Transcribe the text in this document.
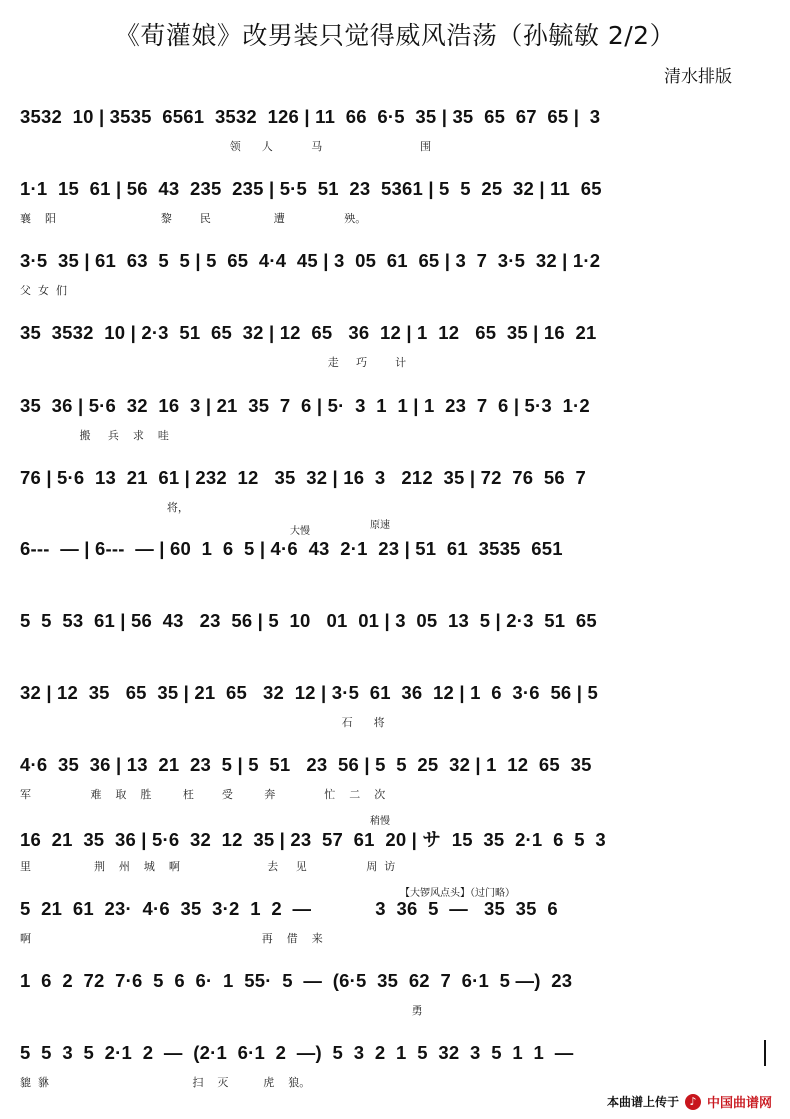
《荀灌娘》改男装只觉得威风浩荡（孙毓敏 2/2）
清水排版
3532  10 | 3535  6561  3532  126 | 11  66  6·5  35 | 35  65  67  65 |  3
领      人           马                            围
1·1  15  61 | 56  43  235  235 | 5·5  51  23  5361 | 5  5  25  32 | 11  65
襄    阳                              黎        民                  遭                 殃。
3·5  35 | 61  63  5  5 | 5  65  4·4  45 | 3  05  61  65 | 3  7  3·5  32 | 1·2
父  女  们
35  3532  10 | 2·3  51  65  32 | 12  65   36  12 | 1  12   65  35 | 16  21
走     巧        计
35  36 | 5·6  32  16  3 | 21  35  7  6 | 5·  3  1  1 | 1  23  7  6 | 5·3  1·2
搬     兵    求    哇
76 | 5·6  13  21  61 | 232  12   35  32 | 16  3   212  35 | 72  76  56  7
将，
大慢
原速
6---  — | 6---  — | 60  1  6  5 | 4·6  43  2·1  23 | 51  61  3535  651
5  5  53  61 | 56  43   23  56 | 5  10   01  01 | 3  05  13  5 | 2·3  51  65
32 | 12  35   65  35 | 21  65   32  12 | 3·5  61  36  12 | 1  6  3·6  56 | 5
石      将
4·6  35  36 | 13  21  23  5 | 5  51   23  56 | 5  5  25  32 | 1  12  65  35
军                 难    取    胜         枉        受         奔              忙    二    次
稍慢
16  21  35  36 | 5·6  32  12  35 | 23  57  61  20 | サ  15  35  2·1  6  5  3
里                  荆    州    城    啊                         去     见                 周  访
【大锣风点头】（过门略）
5  21  61  23·  4·6  35  3·2  1  2  —            3  36  5  —   35  35  6
啊                                                                  再    借    来
1  6  2  72  7·6  5  6  6·  1  55·  5  —  (6·5  35  62  7  6·1  5 —)  23
勇
5  5  3  5  2·1  2  —  (2·1  6·1  2  —)  5  3  2  1  5  32  3  5  1  1  —
貔  貅                                         扫    灭          虎    狼。
本曲谱上传于 ♪ 中国曲谱网
